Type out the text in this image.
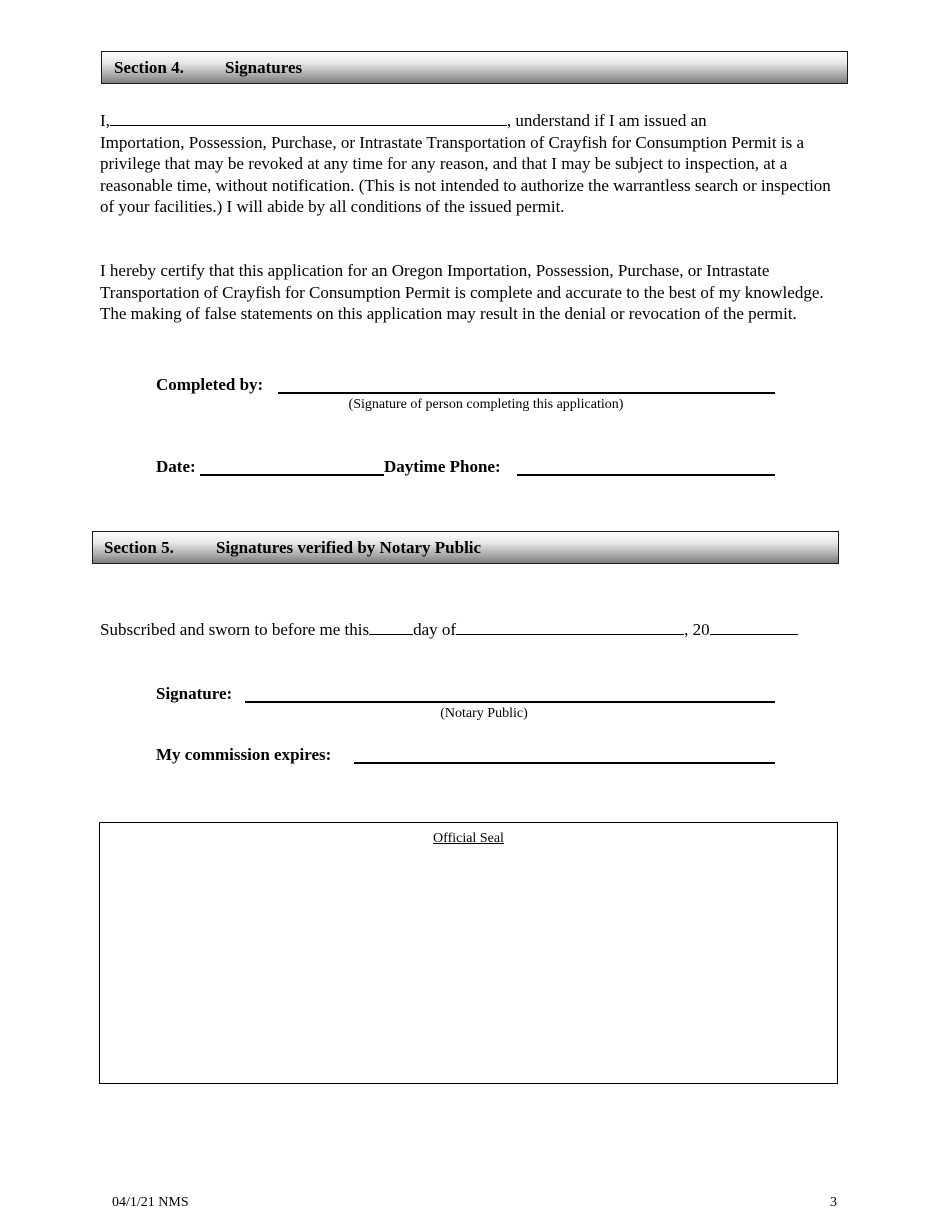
Section 4. Signatures
I,	, understand if I am issued an
Importation, Possession, Purchase, or Intrastate Transportation of Crayfish for Consumption Permit is a privilege that may be revoked at any time for any reason, and that I may be subject to inspection, at a reasonable time, without notification. (This is not intended to authorize the warrantless search or inspection of your facilities.) I will abide by all conditions of the issued permit.

I hereby certify that this application for an Oregon Importation, Possession, Purchase, or Intrastate Transportation of Crayfish for Consumption Permit is complete and accurate to the best of my knowledge. The making of false statements on this application may result in the denial or revocation of the permit.

Completed by:
(Signature of person completing this application)
Date:	Daytime Phone:
Section 5. Signatures verified by Notary Public
Subscribed and sworn to before me this	day of	, 20
Signature:
(Notary Public)
My commission expires:
Official Seal
04/1/21 NMS	3
